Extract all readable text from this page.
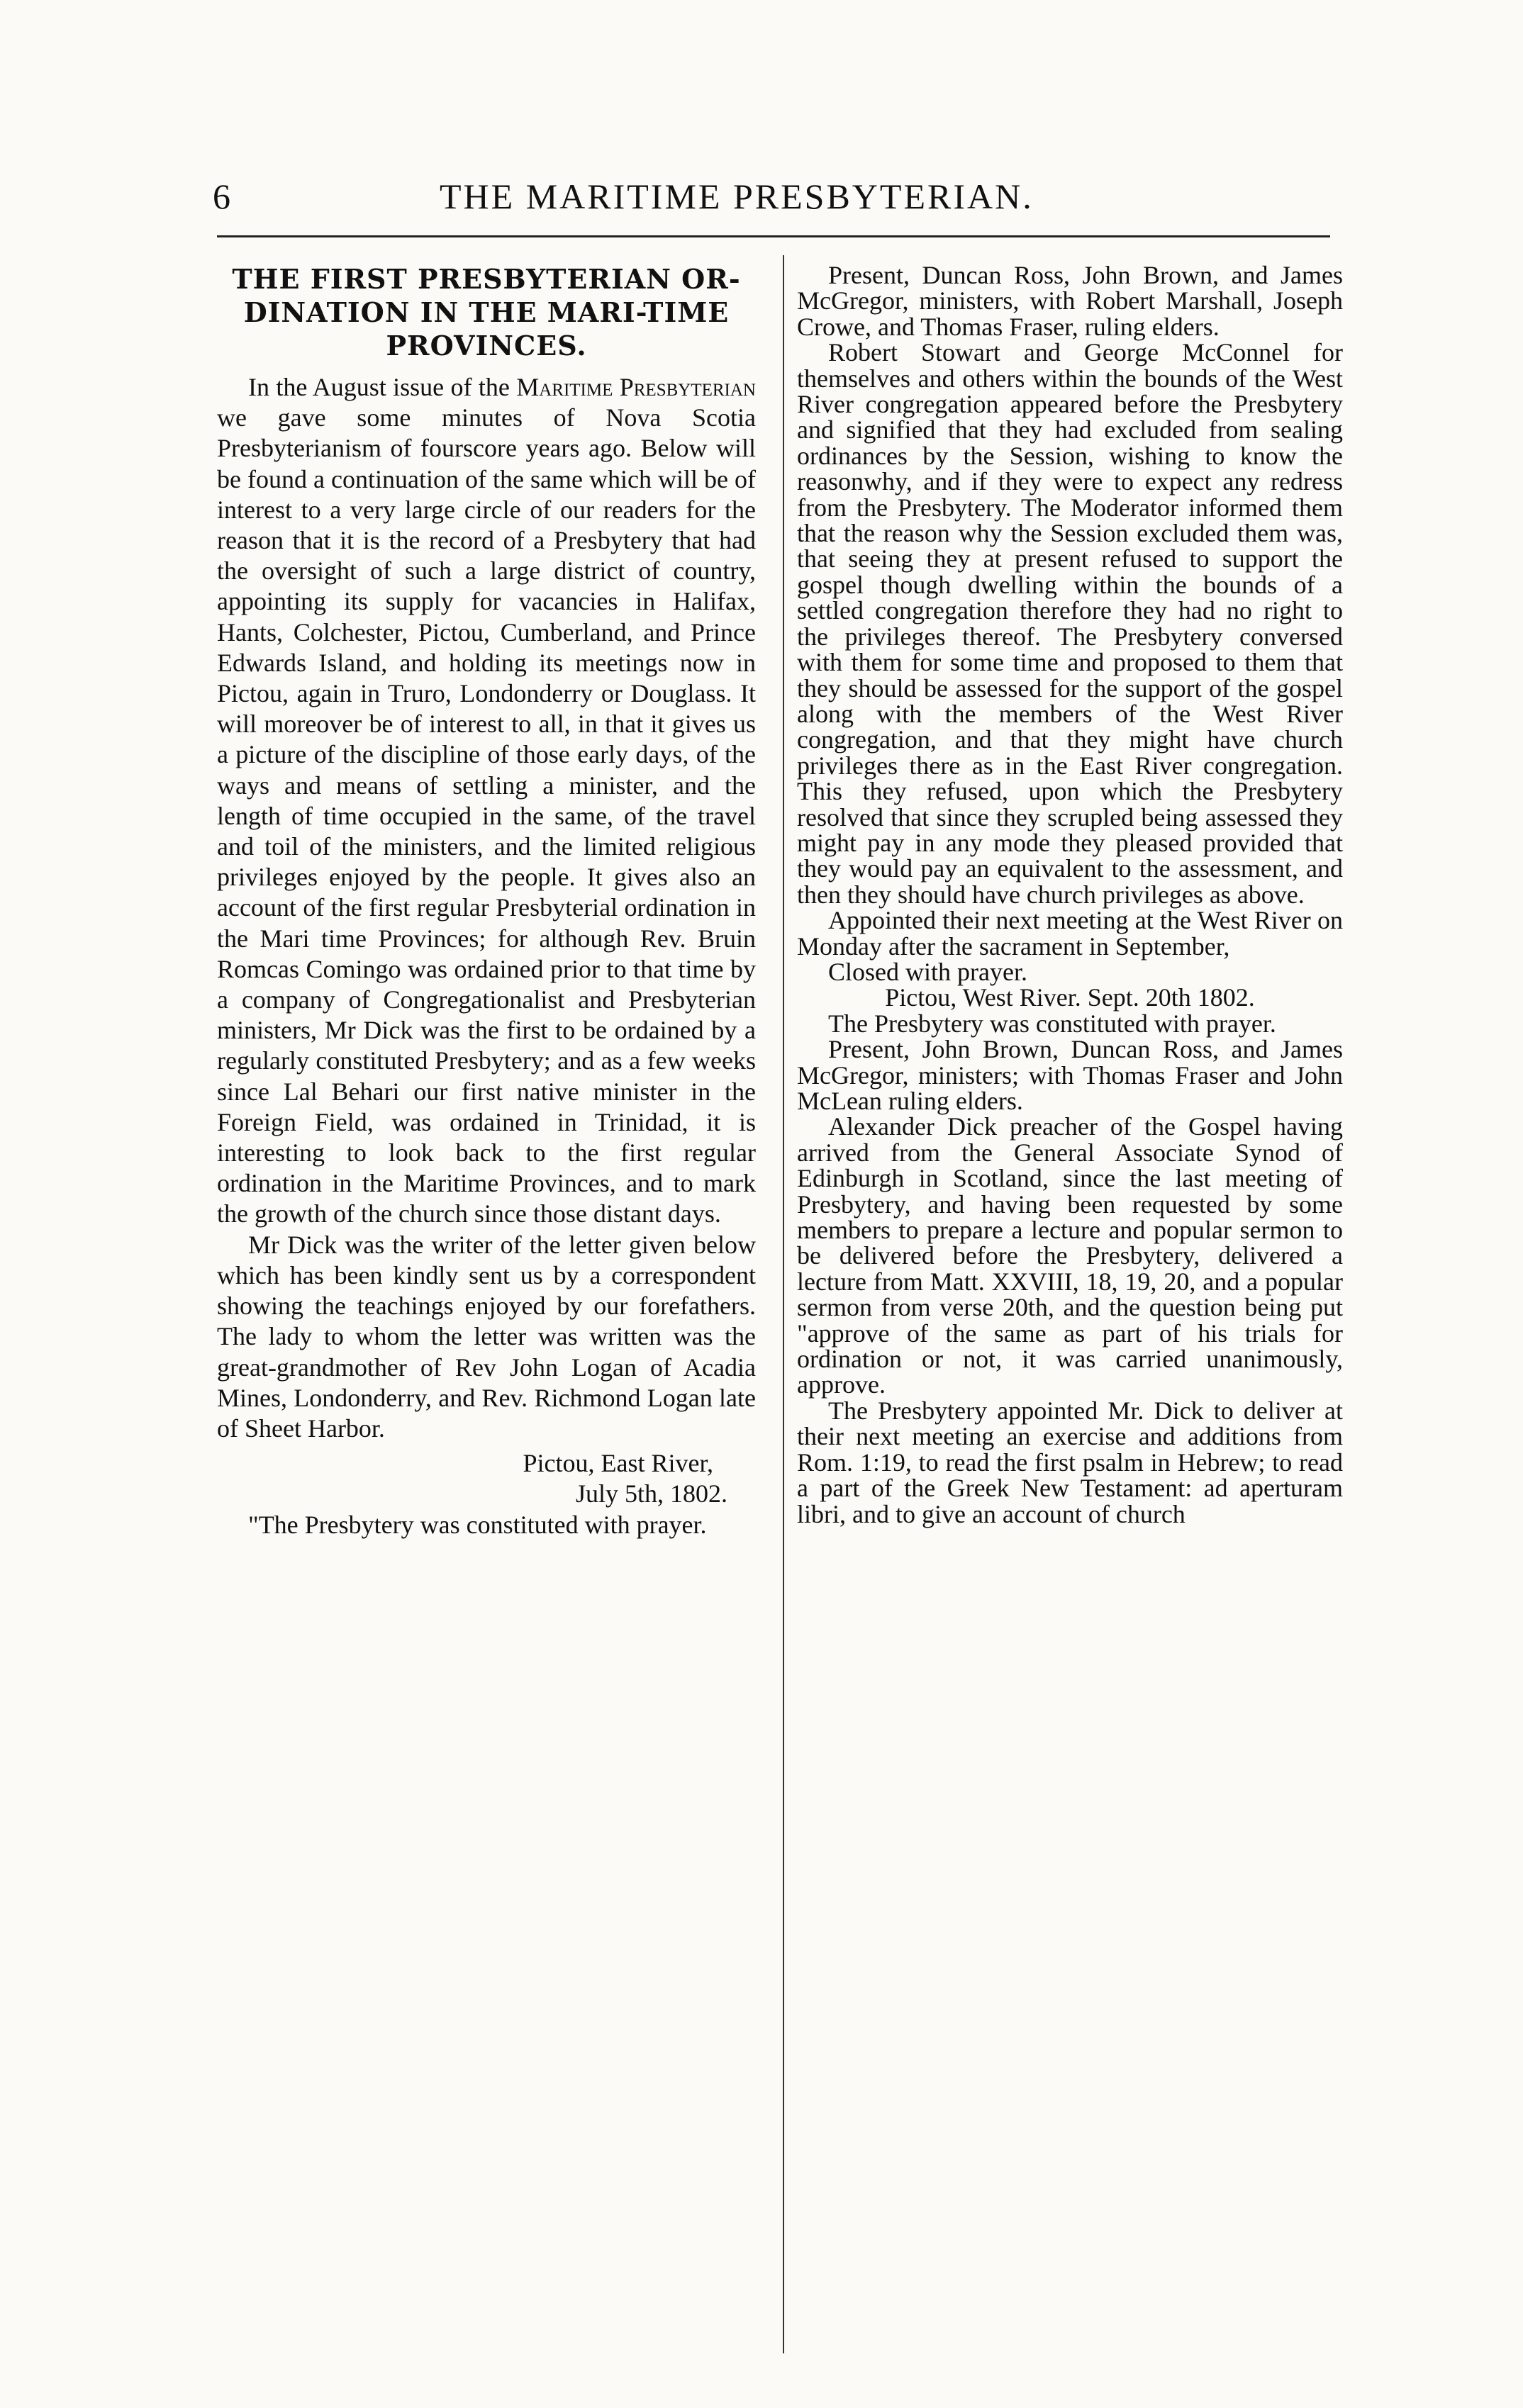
6	THE MARITIME PRESBYTERIAN.
THE FIRST PRESBYTERIAN OR-DINATION IN THE MARI-TIME PROVINCES.

In the August issue of the Maritime Presbyterian we gave some minutes of Nova Scotia Presbyterianism of fourscore years ago. Below will be found a continuation of the same which will be of interest to a very large circle of our readers for the reason that it is the record of a Presbytery that had the oversight of such a large district of country, appointing its supply for vacancies in Halifax, Hants, Colchester, Pictou, Cumberland, and Prince Edwards Island, and holding its meetings now in Pictou, again in Truro, Londonderry or Douglass. It will moreover be of interest to all, in that it gives us a picture of the discipline of those early days, of the ways and means of settling a minister, and the length of time occupied in the same, of the travel and toil of the ministers, and the limited religious privileges enjoyed by the people. It gives also an account of the first regular Presbyterial ordination in the Mari time Provinces; for although Rev. Bruin Romcas Comingo was ordained prior to that time by a company of Congregationalist and Presbyterian ministers, Mr Dick was the first to be ordained by a regularly constituted Presbytery; and as a few weeks since Lal Behari our first native minister in the Foreign Field, was ordained in Trinidad, it is interesting to look back to the first regular ordination in the Maritime Provinces, and to mark the growth of the church since those distant days.

Mr Dick was the writer of the letter given below which has been kindly sent us by a correspondent showing the teachings enjoyed by our forefathers. The lady to whom the letter was written was the great-grandmother of Rev John Logan of Acadia Mines, Londonderry, and Rev. Richmond Logan late of Sheet Harbor.

Pictou, East River,
July 5th, 1802.

"The Presbytery was constituted with prayer.

Present, Duncan Ross, John Brown, and James McGregor, ministers, with Robert Marshall, Joseph Crowe, and Thomas Fraser, ruling elders.

Robert Stowart and George McConnel for themselves and others within the bounds of the West River congregation appeared before the Presbytery and signified that they had excluded from sealing ordinances by the Session, wishing to know the reasonwhy, and if they were to expect any redress from the Presbytery. The Moderator informed them that the reason why the Session excluded them was, that seeing they at present refused to support the gospel though dwelling within the bounds of a settled congregation therefore they had no right to the privileges thereof. The Presbytery conversed with them for some time and proposed to them that they should be assessed for the support of the gospel along with the members of the West River congregation, and that they might have church privileges there as in the East River congregation. This they refused, upon which the Presbytery resolved that since they scrupled being assessed they might pay in any mode they pleased provided that they would pay an equivalent to the assessment, and then they should have church privileges as above.

Appointed their next meeting at the West River on Monday after the sacrament in September,

Closed with prayer.

Pictou, West River. Sept. 20th 1802.

The Presbytery was constituted with prayer.

Present, John Brown, Duncan Ross, and James McGregor, ministers; with Thomas Fraser and John McLean ruling elders.

Alexander Dick preacher of the Gospel having arrived from the General Associate Synod of Edinburgh in Scotland, since the last meeting of Presbytery, and having been requested by some members to prepare a lecture and popular sermon to be delivered before the Presbytery, delivered a lecture from Matt. XXVIII, 18, 19, 20, and a popular sermon from verse 20th, and the question being put "approve of the same as part of his trials for ordination or not, it was carried unanimously, approve.

The Presbytery appointed Mr. Dick to deliver at their next meeting an exercise and additions from Rom. 1:19, to read the first psalm in Hebrew; to read a part of the Greek New Testament: ad aperturam libri, and to give an account of church
